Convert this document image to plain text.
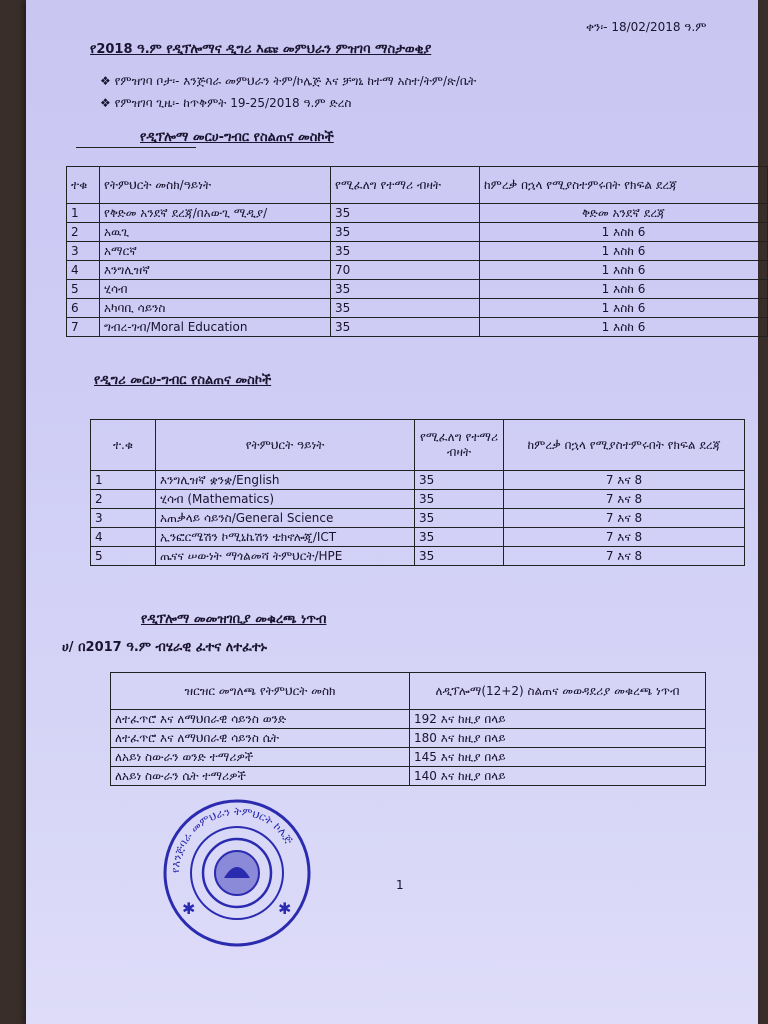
ቀን፡- 18/02/2018 ዓ.ም
የ2018 ዓ.ም የዲፕሎማና ዲግሪ እጩ መምህራን ምዝገባ ማስታወቂያ
❖ የምዝገባ ቦታ፡- እንጅባራ መምህራን ትም/ኮሌጅ እና ቻግኒ ከተማ አስተ/ትም/ጽ/ቤት
❖ የምዝገባ ጊዜ፡- ከጥቅምት 19-25/2018 ዓ.ም ድረስ
የዲፕሎማ መርሀ-ግብር የስልጠና መስኮች
ተቁ	የትምህርት መስክ/ዓይነት	የሚፈለግ የተማሪ ብዛት	ከምረቃ በኋላ የሚያስተምሩበት የክፍል ደረጃ
1	የቅድመ አንደኛ ደረጃ/በአውጊ ሚዲያ/	35	ቅድመ አንደኛ ደረጃ
2	አዉጊ	35	1 እስከ 6
3	አማርኛ	35	1 እስከ 6
4	እንግሊዝኛ	70	1 እስከ 6
5	ሂሳብ	35	1 እስከ 6
6	አካባቢ ሳይንስ	35	1 እስከ 6
7	ግብረ-ገብ/Moral Education	35	1 እስከ 6
የዲግሪ መርሀ-ግብር የስልጠና መስኮች
ተ.ቁ	የትምህርት ዓይነት	የሚፈለግ የተማሪ ብዛት	ከምረቃ በኋላ የሚያስተምሩበት የክፍል ደረጃ
1	እንግሊዝኛ ቋንቋ/English	35	7 እና 8
2	ሂሳብ (Mathematics)	35	7 እና 8
3	አጠቃላይ ሳይንስ/General Science	35	7 እና 8
4	ኢንፎርሜሽን ኮሚኒኬሽን ቴክኖሎጂ/ICT	35	7 እና 8
5	ጤናና ሠውነት ማጎልመሻ ትምህርት/HPE	35	7 እና 8
የዲፕሎማ መመዝገቢያ መቁረጫ ነጥብ
ሀ/ በ2017 ዓ.ም ብሄራዊ ፈተና ለተፈተኑ
ዝርዝር መግለጫ የትምህርት መስክ	ለዲፕሎማ(12+2) ስልጠና መወዳደሪያ መቁረጫ ነጥብ
ለተፈጥሮ እና ለማህበራዊ ሳይንስ ወንድ	192 እና ከዚያ በላይ
ለተፈጥሮ እና ለማህበራዊ ሳይንስ ሴት	180 እና ከዚያ በላይ
ለአይነ ስውራን ወንድ ተማሪዎች	145 እና ከዚያ በላይ
ለአይነ ስውራን ሴት ተማሪዎች	140 እና ከዚያ በላይ
1
የእንጅባራ መምህራን ትምህርት ኮሌጅ
✱	✱
